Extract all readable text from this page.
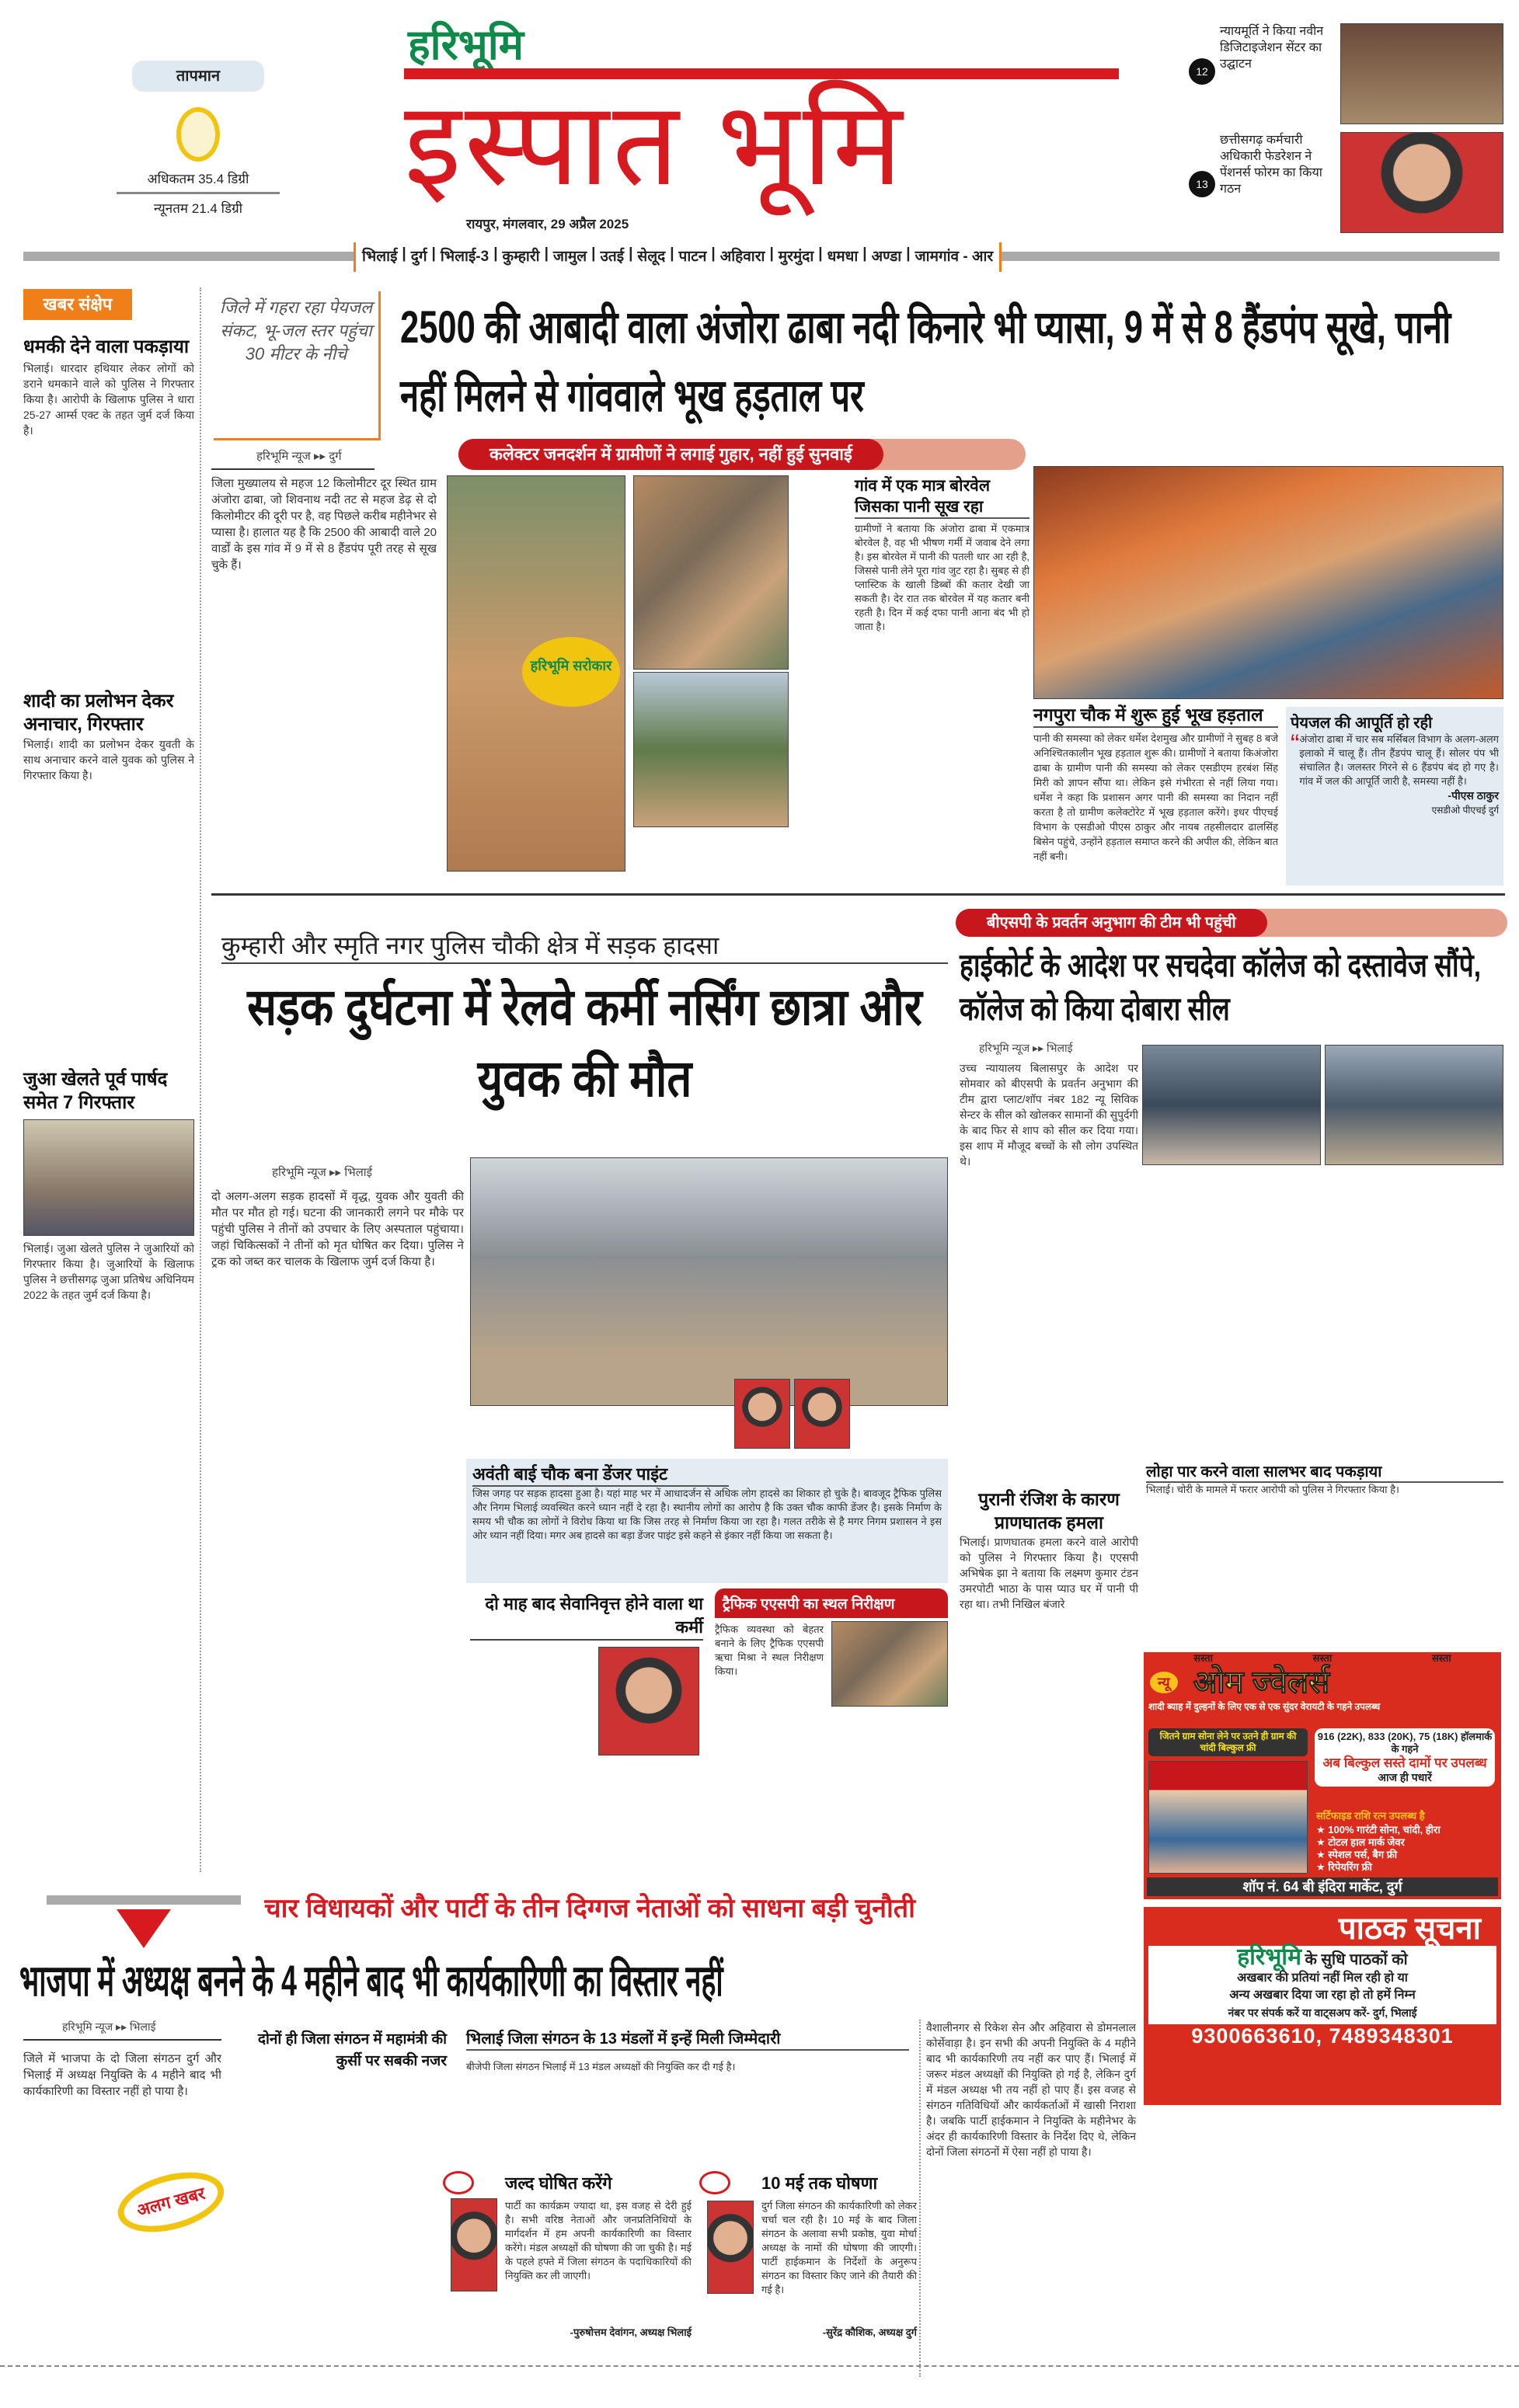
तापमान
अधिकतम 35.4 डिग्री
न्यूनतम 21.4 डिग्री
हरिभूमि
इस्पात भूमि
रायपुर, मंगलवार, 29 अप्रैल 2025
12
न्यायमूर्ति ने किया नवीन डिजिटाइजेशन सेंटर का उद्घाटन
13
छत्तीसगढ़ कर्मचारी अधिकारी फेडरेशन ने पेंशनर्स फोरम का किया गठन
भिलाई | दुर्ग | भिलाई-3 | कुम्हारी | जामुल | उतई | सेलूद | पाटन | अहिवारा | मुरमुंदा | धमधा | अण्डा | जामगांव - आर
खबर संक्षेप
धमकी देने वाला पकड़ाया
भिलाई। धारदार हथियार लेकर लोगों को डराने धमकाने वाले को पुलिस ने गिरफ्तार किया है। आरोपी के खिलाफ पुलिस ने धारा 25-27 आर्म्स एक्ट के तहत जुर्म दर्ज किया है।
शादी का प्रलोभन देकर अनाचार, गिरफ्तार
भिलाई। शादी का प्रलोभन देकर युवती के साथ अनाचार करने वाले युवक को पुलिस ने गिरफ्तार किया है।
जुआ खेलते पूर्व पार्षद समेत 7 गिरफ्तार
भिलाई। जुआ खेलते पुलिस ने जुआरियों को गिरफ्तार किया है। जुआरियों के खिलाफ पुलिस ने छत्तीसगढ़ जुआ प्रतिषेध अधिनियम 2022 के तहत जुर्म दर्ज किया है।
जिले में गहरा रहा पेयजल संकट, भू-जल स्तर पहुंचा 30 मीटर के नीचे
हरिभूमि न्यूज ▸▸ दुर्ग
2500 की आबादी वाला अंजोरा ढाबा नदी किनारे भी प्यासा, 9 में से 8 हैंडपंप सूखे, पानी नहीं मिलने से गांववाले भूख हड़ताल पर
कलेक्टर जनदर्शन में ग्रामीणों ने लगाई गुहार, नहीं हुई सुनवाई
जिला मुख्यालय से महज 12 किलोमीटर दूर स्थित ग्राम अंजोरा ढाबा, जो शिवनाथ नदी तट से महज डेढ़ से दो किलोमीटर की दूरी पर है, वह पिछले करीब महीनेभर से प्यासा है। हालात यह है कि 2500 की आबादी वाले 20 वार्डों के इस गांव में 9 में से 8 हैंडपंप पूरी तरह से सूख चुके हैं।
हरिभूमि सरोकार
गांव में एक मात्र बोरवेल जिसका पानी सूख रहा
ग्रामीणों ने बताया कि अंजोरा ढाबा में एकमात्र बोरवेल है, वह भी भीषण गर्मी में जवाब देने लगा है। इस बोरवेल में पानी की पतली धार आ रही है, जिससे पानी लेने पूरा गांव जुट रहा है। सुबह से ही प्लास्टिक के खाली डिब्बों की कतार देखी जा सकती है। देर रात तक बोरवेल में यह कतार बनी रहती है। दिन में कई दफा पानी आना बंद भी हो जाता है।
नगपुरा चौक में शुरू हुई भूख हड़ताल
पानी की समस्या को लेकर धर्मेश देशमुख और ग्रामीणों ने सुबह 8 बजे अनिश्चितकालीन भूख हड़ताल शुरू की। ग्रामीणों ने बताया किअंजोरा ढाबा के ग्रामीण पानी की समस्या को लेकर एसडीएम हरबंश सिंह मिरी को ज्ञापन सौंपा था। लेकिन इसे गंभीरता से नहीं लिया गया। धर्मेश ने कहा कि प्रशासन अगर पानी की समस्या का निदान नहीं करता है तो ग्रामीण कलेक्टोरेट में भूख हड़ताल करेंगे। इधर पीएचई विभाग के एसडीओ पीएस ठाकुर और नायब तहसीलदार ढालसिंह बिसेन पहुंचे, उन्होंने हड़ताल समाप्त करने की अपील की, लेकिन बात नहीं बनी।
पेयजल की आपूर्ति हो रही
“ अंजोरा ढाबा में चार सब मर्सिबल विभाग के अलग-अलग इलाको में चालू हैं। तीन हैंडपंप चालू हैं। सोलर पंप भी संचालित है। जलस्तर गिरने से 6 हैंडपंप बंद हो गए है। गांव में जल की आपूर्ति जारी है, समस्या नहीं है।
-पीएस ठाकुर
एसडीओ पीएचई दुर्ग
कुम्हारी और स्मृति नगर पुलिस चौकी क्षेत्र में सड़क हादसा
सड़क दुर्घटना में रेलवे कर्मी नर्सिंग छात्रा और युवक की मौत
हरिभूमि न्यूज ▸▸ भिलाई
दो अलग-अलग सड़क हादसों में वृद्ध, युवक और युवती की मौत पर मौत हो गई। घटना की जानकारी लगने पर मौके पर पहुंची पुलिस ने तीनों को उपचार के लिए अस्पताल पहुंचाया। जहां चिकित्सकों ने तीनों को मृत घोषित कर दिया। पुलिस ने ट्रक को जब्त कर चालक के खिलाफ जुर्म दर्ज किया है।
अवंती बाई चौक बना डेंजर पाइंट
जिस जगह पर सड़क हादसा हुआ है। यहां माह भर में आधादर्जन से अधिक लोग हादसे का शिकार हो चुके है। बावजूद ट्रैफिक पुलिस और निगम भिलाई व्यवस्थित करने ध्यान नहीं दे रहा है। स्थानीय लोगों का आरोप है कि उक्त चौक काफी डेंजर है। इसके निर्माण के समय भी चौक का लोगों ने विरोध किया था कि जिस तरह से निर्माण किया जा रहा है। गलत तरीके से है मगर निगम प्रशासन ने इस ओर ध्यान नहीं दिया। मगर अब हादसे का बड़ा डेंजर पाइंट इसे कहने से इंकार नहीं किया जा सकता है।
दो माह बाद सेवानिवृत्त होने वाला था कर्मी
ट्रैफिक एएसपी का स्थल निरीक्षण
ट्रैफिक व्यवस्था को बेहतर बनाने के लिए ट्रैफिक एएसपी ऋचा मिश्रा ने स्थल निरीक्षण किया।
बीएसपी के प्रवर्तन अनुभाग की टीम भी पहुंची
हाईकोर्ट के आदेश पर सचदेवा कॉलेज को दस्तावेज सौंपे, कॉलेज को किया दोबारा सील
हरिभूमि न्यूज ▸▸ भिलाई
उच्च न्यायालय बिलासपुर के आदेश पर सोमवार को बीएसपी के प्रवर्तन अनुभाग की टीम द्वारा प्लाट/शॉप नंबर 182 न्यू सिविक सेन्टर के सील को खोलकर सामानों की सुपुर्दगी के बाद फिर से शाप को सील कर दिया गया। इस शाप में मौजूद बच्चों के सौ लोग उपस्थित थे।
पुरानी रंजिश के कारण प्राणघातक हमला
भिलाई। प्राणघातक हमला करने वाले आरोपी को पुलिस ने गिरफ्तार किया है। एएसपी अभिषेक झा ने बताया कि लक्ष्मण कुमार टंडन उमरपोटी भाठा के पास प्याउ घर में पानी पी रहा था। तभी निखिल बंजारे
लोहा पार करने वाला सालभर बाद पकड़ाया
भिलाई। चोरी के मामले में फरार आरोपी को पुलिस ने गिरफ्तार किया है।
सस्ता	सस्ता	सस्ता
न्यू ओम ज्वेलर्स
शादी ब्याह में दुल्हनों के लिए एक से एक सुंदर वेरायटी के गहने उपलब्ध
जितने ग्राम सोना लेने पर उतने ही ग्राम की चांदी बिल्कुल फ्री
916 (22K), 833 (20K), 75 (18K) हॉलमार्क के गहने
अब बिल्कुल सस्ते दामों पर उपलब्ध
आज ही पधारें
सर्टिफाइड राशि रत्न उपलब्ध है
★ 100% गारंटी सोना, चांदी, हीरा
★ टोटल हाल मार्क जेवर
★ स्पेशल पर्स, बैग फ्री
★ रिपेयरिंग फ्री
शॉप नं. 64 बी इंदिरा मार्केट, दुर्ग
पाठक सूचना
हरिभूमि के सुधि पाठकों को
अखबार की प्रतियां नहीं मिल रही हो या
अन्य अखबार दिया जा रहा हो तो हमें निम्न
नंबर पर संपर्क करें या वाट्सअप करें- दुर्ग, भिलाई
9300663610, 7489348301
चार विधायकों और पार्टी के तीन दिग्गज नेताओं को साधना बड़ी चुनौती
भाजपा में अध्यक्ष बनने के 4 महीने बाद भी कार्यकारिणी का विस्तार नहीं
हरिभूमि न्यूज ▸▸ भिलाई
जिले में भाजपा के दो जिला संगठन दुर्ग और भिलाई में अध्यक्ष नियुक्ति के 4 महीने बाद भी कार्यकारिणी का विस्तार नहीं हो पाया है।
अलग खबर
दोनों ही जिला संगठन में महामंत्री की कुर्सी पर सबकी नजर
भिलाई जिला संगठन के 13 मंडलों में इन्हें मिली जिम्मेदारी
बीजेपी जिला संगठन भिलाई में 13 मंडल अध्यक्षों की नियुक्ति कर दी गई है।
जल्द घोषित करेंगे
पार्टी का कार्यक्रम ज्यादा था, इस वजह से देरी हुई है। सभी वरिष्ठ नेताओं और जनप्रतिनिधियों के मार्गदर्शन में हम अपनी कार्यकारिणी का विस्तार करेंगे। मंडल अध्यक्षों की घोषणा की जा चुकी है। मई के पहले हफ्ते में जिला संगठन के पदाधिकारियों की नियुक्ति कर ली जाएगी।
-पुरुषोत्तम देवांगन, अध्यक्ष भिलाई
10 मई तक घोषणा
दुर्ग जिला संगठन की कार्यकारिणी को लेकर चर्चा चल रही है। 10 मई के बाद जिला संगठन के अलावा सभी प्रकोष्ठ, युवा मोर्चा अध्यक्ष के नामों की घोषणा की जाएगी। पार्टी हाईकमान के निर्देशों के अनुरूप संगठन का विस्तार किए जाने की तैयारी की गई है।
-सुरेंद्र कौशिक, अध्यक्ष दुर्ग
वैशालीनगर से रिकेश सेन और अहिवारा से डोमनलाल कोर्सेवाड़ा है। इन सभी की अपनी नियुक्ति के 4 महीने बाद भी कार्यकारिणी तय नहीं कर पाए हैं। भिलाई में जरूर मंडल अध्यक्षों की नियुक्ति हो गई है, लेकिन दुर्ग में मंडल अध्यक्ष भी तय नहीं हो पाए हैं। इस वजह से संगठन गतिविधियों और कार्यकर्ताओं में खासी निराशा है। जबकि पार्टी हाईकमान ने नियुक्ति के महीनेभर के अंदर ही कार्यकारिणी विस्तार के निर्देश दिए थे, लेकिन दोनों जिला संगठनों में ऐसा नहीं हो पाया है।
